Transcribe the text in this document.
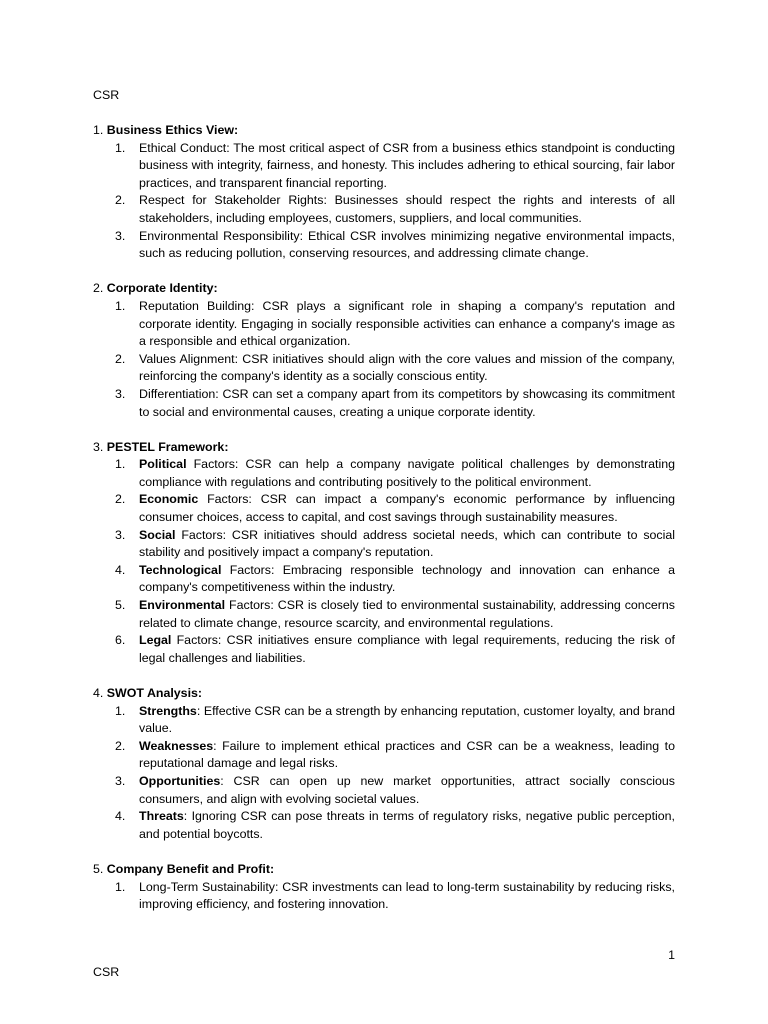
CSR

1. Business Ethics View:

1. Ethical Conduct: The most critical aspect of CSR from a business ethics standpoint is conducting business with integrity, fairness, and honesty. This includes adhering to ethical sourcing, fair labor practices, and transparent financial reporting.
2. Respect for Stakeholder Rights: Businesses should respect the rights and interests of all stakeholders, including employees, customers, suppliers, and local communities.
3. Environmental Responsibility: Ethical CSR involves minimizing negative environmental impacts, such as reducing pollution, conserving resources, and addressing climate change.

2. Corporate Identity:

1. Reputation Building: CSR plays a significant role in shaping a company's reputation and corporate identity. Engaging in socially responsible activities can enhance a company's image as a responsible and ethical organization.
2. Values Alignment: CSR initiatives should align with the core values and mission of the company, reinforcing the company's identity as a socially conscious entity.
3. Differentiation: CSR can set a company apart from its competitors by showcasing its commitment to social and environmental causes, creating a unique corporate identity.

3. PESTEL Framework:

1. Political Factors: CSR can help a company navigate political challenges by demonstrating compliance with regulations and contributing positively to the political environment.
2. Economic Factors: CSR can impact a company's economic performance by influencing consumer choices, access to capital, and cost savings through sustainability measures.
3. Social Factors: CSR initiatives should address societal needs, which can contribute to social stability and positively impact a company's reputation.
4. Technological Factors: Embracing responsible technology and innovation can enhance a company's competitiveness within the industry.
5. Environmental Factors: CSR is closely tied to environmental sustainability, addressing concerns related to climate change, resource scarcity, and environmental regulations.
6. Legal Factors: CSR initiatives ensure compliance with legal requirements, reducing the risk of legal challenges and liabilities.

4. SWOT Analysis:

1. Strengths: Effective CSR can be a strength by enhancing reputation, customer loyalty, and brand value.
2. Weaknesses: Failure to implement ethical practices and CSR can be a weakness, leading to reputational damage and legal risks.
3. Opportunities: CSR can open up new market opportunities, attract socially conscious consumers, and align with evolving societal values.
4. Threats: Ignoring CSR can pose threats in terms of regulatory risks, negative public perception, and potential boycotts.

5. Company Benefit and Profit:

1. Long-Term Sustainability: CSR investments can lead to long-term sustainability by reducing risks, improving efficiency, and fostering innovation.
1
CSR
